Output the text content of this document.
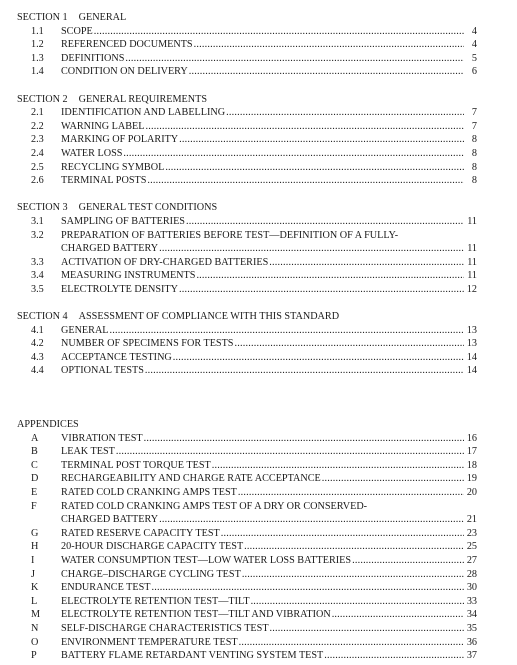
SECTION 1 GENERAL
1.1	SCOPE .....	4
1.2	REFERENCED DOCUMENTS .....	4
1.3	DEFINITIONS .....	5
1.4	CONDITION ON DELIVERY .....	6
SECTION 2 GENERAL REQUIREMENTS
2.1	IDENTIFICATION AND LABELLING .....	7
2.2	WARNING LABEL .....	7
2.3	MARKING OF POLARITY .....	8
2.4	WATER LOSS .....	8
2.5	RECYCLING SYMBOL .....	8
2.6	TERMINAL POSTS .....	8
SECTION 3 GENERAL TEST CONDITIONS
3.1	SAMPLING OF BATTERIES .....	11
3.2	PREPARATION OF BATTERIES BEFORE TEST—DEFINITION OF A FULLY-
CHARGED BATTERY .....	11
3.3	ACTIVATION OF DRY-CHARGED BATTERIES .....	11
3.4	MEASURING INSTRUMENTS .....	11
3.5	ELECTROLYTE DENSITY .....	12
SECTION 4 ASSESSMENT OF COMPLIANCE WITH THIS STANDARD
4.1	GENERAL .....	13
4.2	NUMBER OF SPECIMENS FOR TESTS .....	13
4.3	ACCEPTANCE TESTING .....	14
4.4	OPTIONAL TESTS .....	14
APPENDICES
A	VIBRATION TEST .....	16
B	LEAK TEST .....	17
C	TERMINAL POST TORQUE TEST .....	18
D	RECHARGEABILITY AND CHARGE RATE ACCEPTANCE .....	19
E	RATED COLD CRANKING AMPS TEST .....	20
F	RATED COLD CRANKING AMPS TEST OF A DRY OR CONSERVED-
CHARGED BATTERY .....	21
G	RATED RESERVE CAPACITY TEST .....	23
H	20-HOUR DISCHARGE CAPACITY TEST .....	25
I	WATER CONSUMPTION TEST—LOW WATER LOSS BATTERIES .....	27
J	CHARGE–DISCHARGE CYCLING TEST .....	28
K	ENDURANCE TEST .....	30
L	ELECTROLYTE RETENTION TEST—TILT .....	33
M	ELECTROLYTE RETENTION TEST—TILT AND VIBRATION .....	34
N	SELF-DISCHARGE CHARACTERISTICS TEST .....	35
O	ENVIRONMENT TEMPERATURE TEST .....	36
P	BATTERY FLAME RETARDANT VENTING SYSTEM TEST .....	37
